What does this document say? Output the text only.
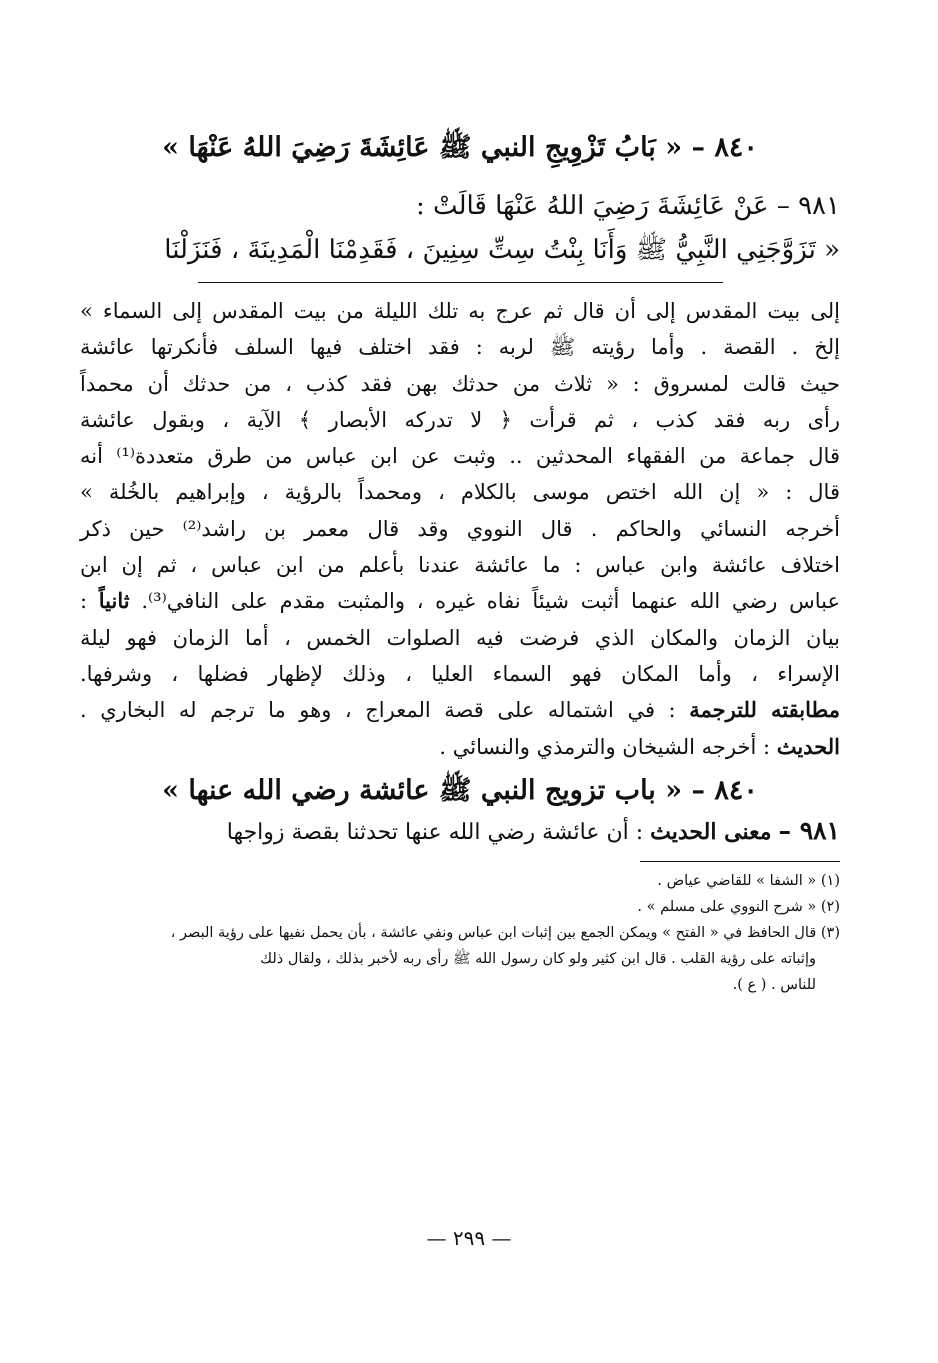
٨٤٠ – « بَابُ تَزْوِيجِ النبي ﷺ عَائِشَةَ رَضِيَ اللهُ عَنْهَا »
٩٨١ – عَنْ عَائِشَةَ رَضِيَ اللهُ عَنْهَا قَالَتْ :
« تَزَوَّجَنِي النَّبِيُّ ﷺ وَأَنَا بِنْتُ سِتِّ سِنِينَ ، فَقَدِمْنَا الْمَدِينَةَ ، فَنَزَلْنَا
إلى بيت المقدس إلى أن قال ثم عرج به تلك الليلة من بيت المقدس إلى السماء »
إلخ . القصة . وأما رؤيته ﷺ لربه : فقد اختلف فيها السلف فأنكرتها عائشة
حيث قالت لمسروق : « ثلاث من حدثك بهن فقد كذب ، من حدثك أن محمداً
رأى ربه فقد كذب ، ثم قرأت ﴿ لا تدركه الأبصار ﴾ الآية ، وبقول عائشة
قال جماعة من الفقهاء المحدثين .. وثبت عن ابن عباس من طرق متعددة⁽¹⁾ أنه
قال : « إن الله اختص موسى بالكلام ، ومحمداً بالرؤية ، وإبراهيم بالخُلة »
أخرجه النسائي والحاكم . قال النووي وقد قال معمر بن راشد⁽²⁾ حين ذكر
اختلاف عائشة وابن عباس : ما عائشة عندنا بأعلم من ابن عباس ، ثم إن ابن
عباس رضي الله عنهما أثبت شيئاً نفاه غيره ، والمثبت مقدم على النافي⁽³⁾. ثانياً :
بيان الزمان والمكان الذي فرضت فيه الصلوات الخمس ، أما الزمان فهو ليلة
الإسراء ، وأما المكان فهو السماء العليا ، وذلك لإظهار فضلها ، وشرفها.
مطابقته للترجمة : في اشتماله على قصة المعراج ، وهو ما ترجم له البخاري .
الحديث : أخرجه الشيخان والترمذي والنسائي .
٨٤٠ – « باب تزويج النبي ﷺ عائشة رضي الله عنها »
٩٨١ – معنى الحديث : أن عائشة رضي الله عنها تحدثنا بقصة زواجها
(١) « الشفا » للقاضي عياض .
(٢) « شرح النووي على مسلم » .
(٣) قال الحافظ في « الفتح » ويمكن الجمع بين إثبات ابن عباس ونفي عائشة ، بأن يحمل نفيها على رؤية البصر ،
وإثباته على رؤية القلب . قال ابن كثير ولو كان رسول الله ﷺ رأى ربه لأخبر بذلك ، ولقال ذلك
للناس . ( ع ).
— ٢٩٩ —
